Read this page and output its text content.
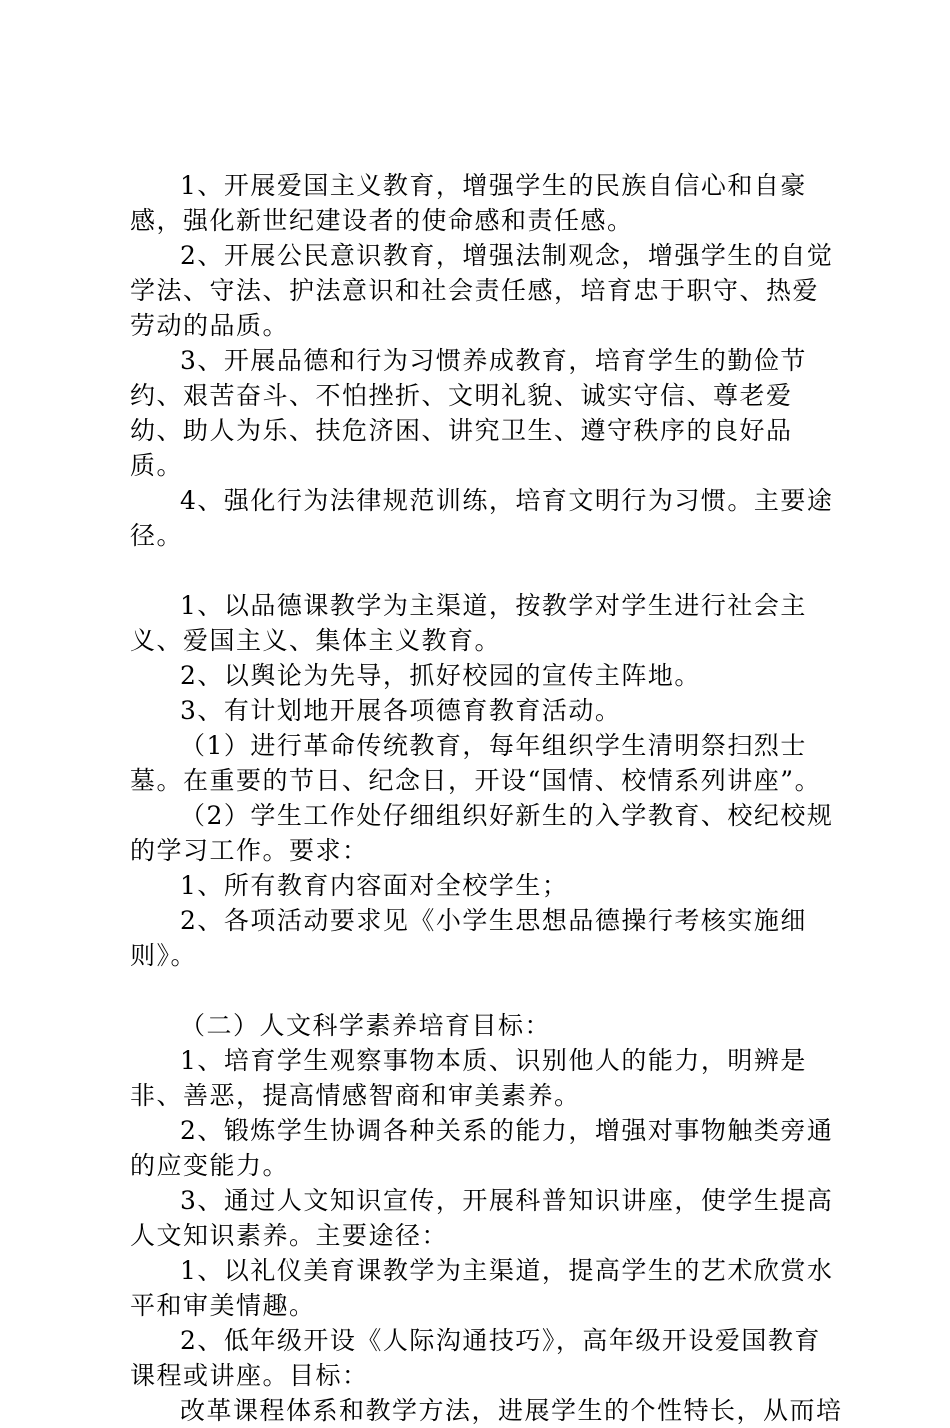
1、开展爱国主义教育，增强学生的民族自信心和自豪感，强化新世纪建设者的使命感和责任感。

2、开展公民意识教育，增强法制观念，增强学生的自觉学法、守法、护法意识和社会责任感，培育忠于职守、热爱劳动的品质。

3、开展品德和行为习惯养成教育，培育学生的勤俭节约、艰苦奋斗、不怕挫折、文明礼貌、诚实守信、尊老爱幼、助人为乐、扶危济困、讲究卫生、遵守秩序的良好品质。

4、强化行为法律规范训练，培育文明行为习惯。主要途径。

1、以品德课教学为主渠道，按教学对学生进行社会主义、爱国主义、集体主义教育。

2、以舆论为先导，抓好校园的宣传主阵地。

3、有计划地开展各项德育教育活动。

（1）进行革命传统教育，每年组织学生清明祭扫烈士墓。在重要的节日、纪念日，开设“国情、校情系列讲座”。

（2）学生工作处仔细组织好新生的入学教育、校纪校规的学习工作。要求：

1、所有教育内容面对全校学生；

2、各项活动要求见《小学生思想品德操行考核实施细则》。

（二）人文科学素养培育目标：

1、培育学生观察事物本质、识别他人的能力，明辨是非、善恶，提高情感智商和审美素养。

2、锻炼学生协调各种关系的能力，增强对事物触类旁通的应变能力。

3、通过人文知识宣传，开展科普知识讲座，使学生提高人文知识素养。主要途径：

1、以礼仪美育课教学为主渠道，提高学生的艺术欣赏水平和审美情趣。

2、低年级开设《人际沟通技巧》，高年级开设爱国教育课程或讲座。目标：

改革课程体系和教学方法，进展学生的个性特长，从而培
